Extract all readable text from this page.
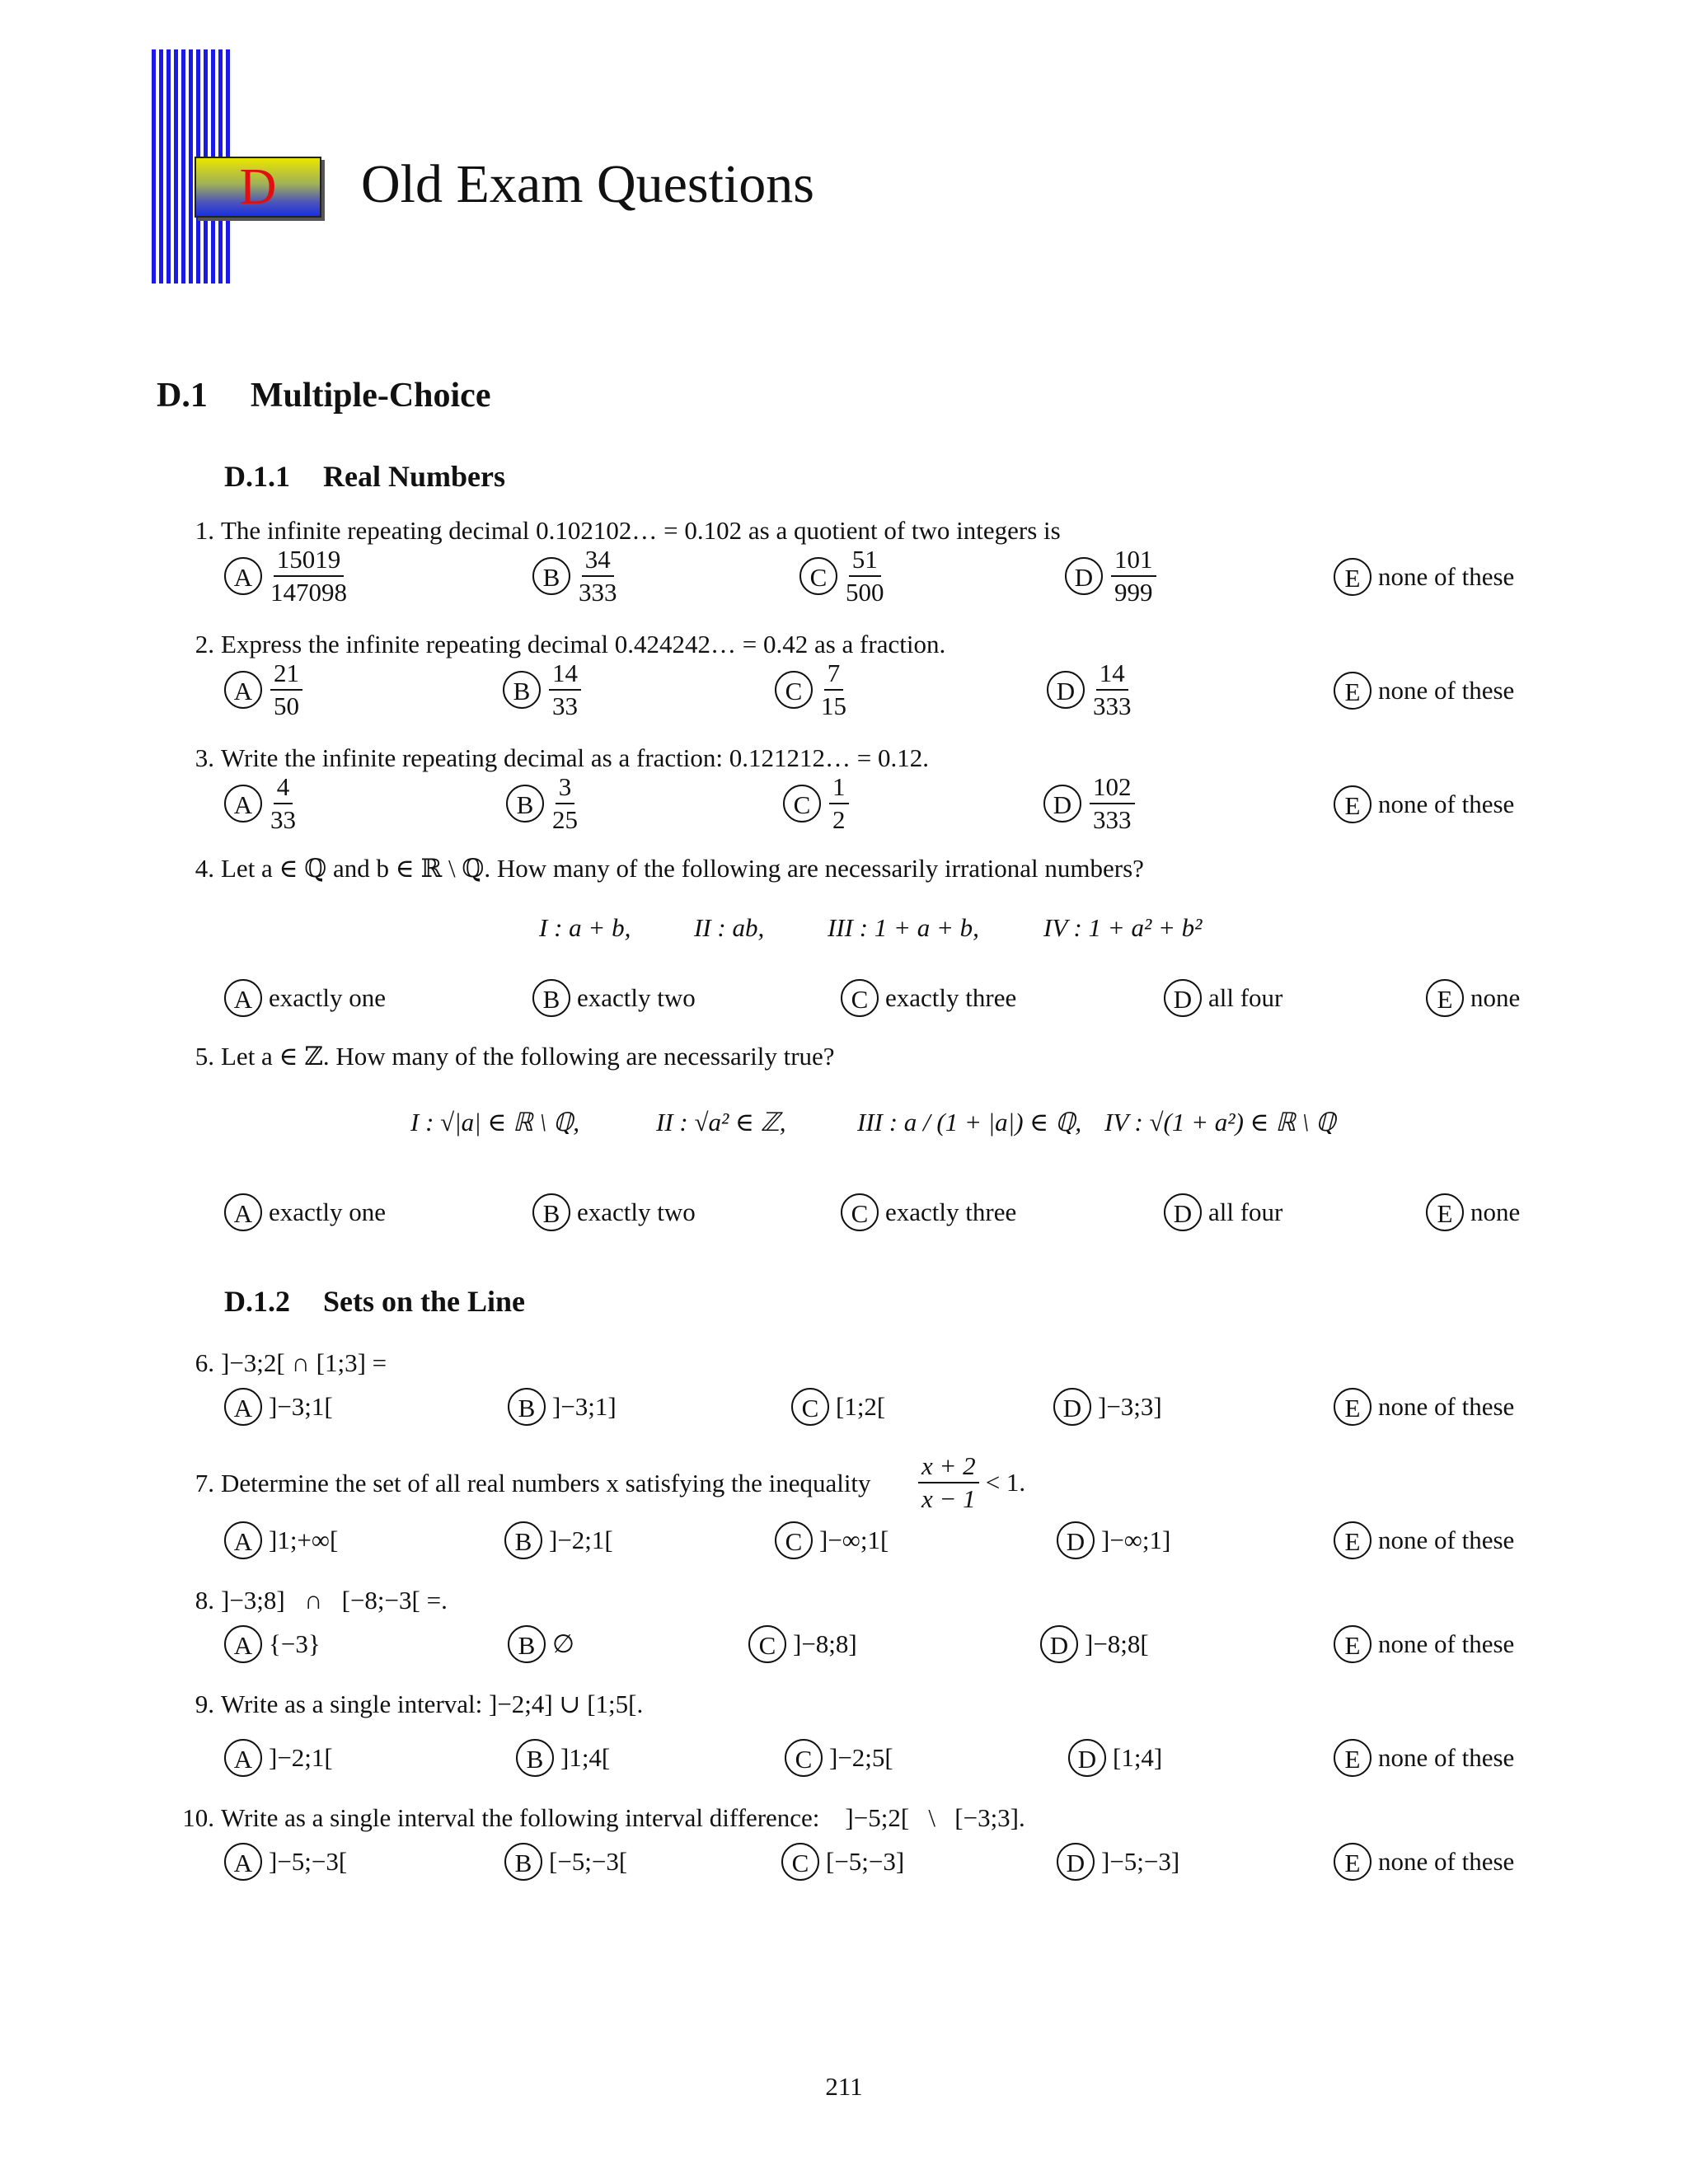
D Old Exam Questions
D.1 Multiple-Choice
D.1.1 Real Numbers
1. The infinite repeating decimal 0.102102… = 0.102 as a quotient of two integers is
A $\frac{15019}{147098}$	B $\frac{34}{333}$	C $\frac{51}{500}$	D $\frac{101}{999}$	E none of these
2. Express the infinite repeating decimal 0.424242… = 0.42 as a fraction.
A $\frac{21}{50}$	B $\frac{14}{33}$	C $\frac{7}{15}$	D $\frac{14}{333}$	E none of these
3. Write the infinite repeating decimal as a fraction: 0.121212… = 0.12.
A $\frac{4}{33}$	B $\frac{3}{25}$	C $\frac{1}{2}$	D $\frac{102}{333}$	E none of these
4. Let a ∈ ℚ and b ∈ ℝ \ ℚ. How many of the following are necessarily irrational numbers?
I : a + b, II : ab, III : 1 + a + b,	IV : 1 + a² + b²
A exactly one	B exactly two	C exactly three	D all four	E none
5. Let a ∈ ℤ. How many of the following are necessarily true?
I : √|a| ∈ ℝ \ ℚ,	II : √a² ∈ ℤ,	III : a / (1 + |a|) ∈ ℚ, IV : √(1 + a²) ∈ ℝ \ ℚ
A exactly one	B exactly two	C exactly three	D all four	E none
D.1.2 Sets on the Line
6. ]−3;2[ ∩ [1;3] =
A ]−3;1[	B ]−3;1]	C [1;2[	D ]−3;3]	E none of these
7. Determine the set of all real numbers x satisfying the inequality $\frac{x + 2}{x - 1} < 1$.
A ]1;+∞[	B ]−2;1[	C ]−∞;1[	D ]−∞;1]	E none of these
8. ]−3;8]   ∩   [−8;−3[ =.
A {−3}	B ∅	C ]−8;8]	D ]−8;8[	E none of these
9. Write as a single interval: ]−2;4] ∪ [1;5[.
A ]−2;1[	B ]1;4[	C ]−2;5[	D [1;4]	E none of these
10. Write as a single interval the following interval difference:    ]−5;2[   \   [−3;3].
A ]−5;−3[	B [−5;−3[	C [−5;−3]	D ]−5;−3]	E none of these
211
